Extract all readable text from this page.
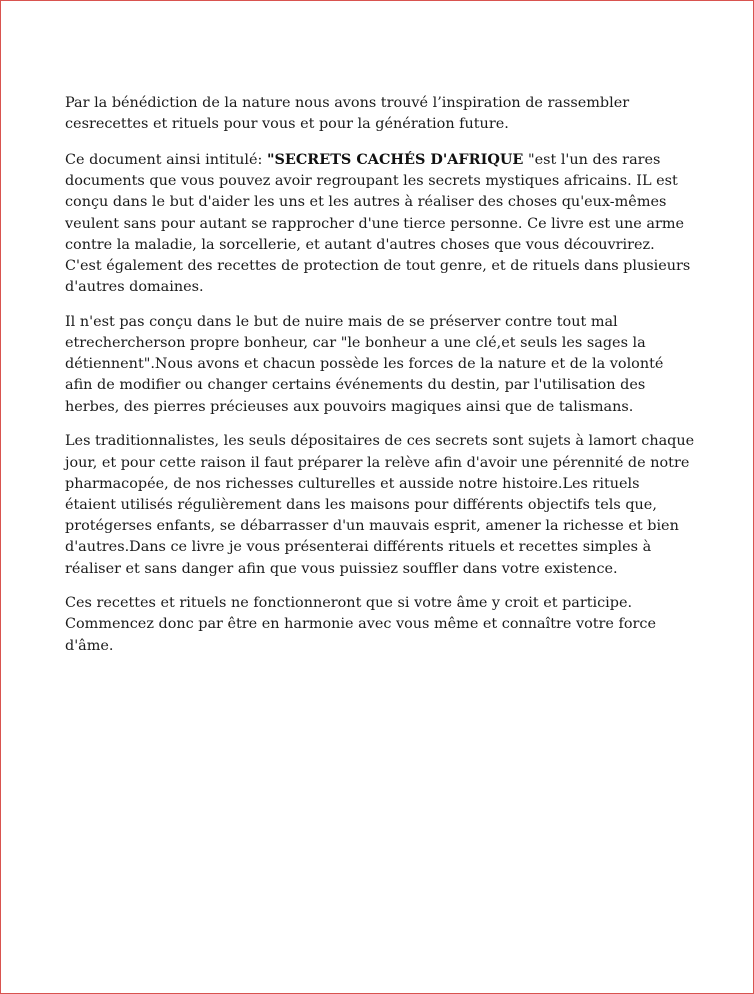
Par la bénédiction de la nature nous avons trouvé l’inspiration de rassembler cesrecettes et rituels pour vous et pour la génération future.

Ce document ainsi intitulé: "SECRETS CACHÉS D'AFRIQUE "est l'un des rares documents que vous pouvez avoir regroupant les secrets mystiques africains. IL est conçu dans le but d'aider les uns et les autres à réaliser des choses qu'eux-mêmes veulent sans pour autant se rapprocher d'une tierce personne. Ce livre est une arme contre la maladie, la sorcellerie, et autant d'autres choses que vous découvrirez. C'est également des recettes de protection de tout genre, et de rituels dans plusieurs d'autres domaines.

Il n'est pas conçu dans le but de nuire mais de se préserver contre tout mal etrechercherson propre bonheur, car "le bonheur a une clé,et seuls les sages la détiennent".Nous avons et chacun possède les forces de la nature et de la volonté afin de modifier ou changer certains événements du destin, par l'utilisation des herbes, des pierres précieuses aux pouvoirs magiques ainsi que de talismans.

Les traditionnalistes, les seuls dépositaires de ces secrets sont sujets à lamort chaque jour, et pour cette raison il faut préparer la relève afin d'avoir une pérennité de notre pharmacopée, de nos richesses culturelles et ausside notre histoire.Les rituels étaient utilisés régulièrement dans les maisons pour différents objectifs tels que, protégerses enfants, se débarrasser d'un mauvais esprit, amener la richesse et bien d'autres.Dans ce livre je vous présenterai différents rituels et recettes simples à réaliser et sans danger afin que vous puissiez souffler dans votre existence.

Ces recettes et rituels ne fonctionneront que si votre âme y croit et participe. Commencez donc par être en harmonie avec vous même et connaître votre force d'âme.
